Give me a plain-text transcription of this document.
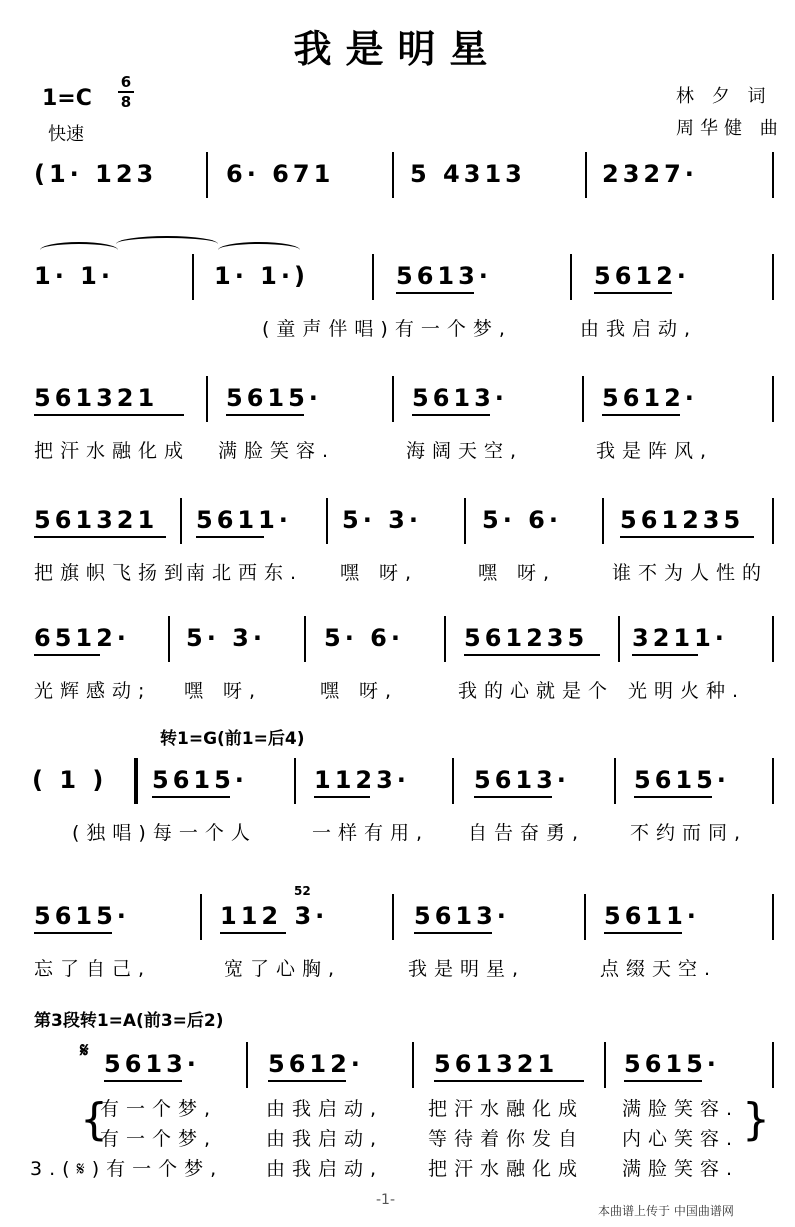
我是明星
1=C
6
8
快速
林 夕 词
周华健 曲
(1· 123	6· 671	5 4313	2327·
1· 1·	1· 1·)	5613·	5612·
(童声伴唱)有一个梦,	由我启动,
561321	5615·	5613·	5612·
把汗水融化成 满脸笑容.	海阔天空,	我是阵风,
561321 5611· 5· 3·	5· 6· 561235
把旗帜飞扬到
南北西东. 嘿 呀,	嘿 呀,	谁不为人性的
6512· 5· 3· 5· 6·	561235 3211·
光辉感动; 嘿 呀,	嘿 呀,	我的心就是个 光明火种.
转1=G(前1=后4)
( 1 ) 5615·	1123·	5613·	5615·
(独唱)每一个人	一样有用, 自告奋勇, 不约而同,
52
5615·	112 3·	5613·	5611·
忘了自己,	宽了心胸,	我是明星,	点缀天空.
第3段转1=A(前3=后2)
𝄋 5613·	5612·	561321	5615·
{	}
有一个梦,	由我启动, 把汗水融化成 满脸笑容.
有一个梦,	由我启动, 等待着你发自 内心笑容.
3.(𝄋)有一个梦, 由我启动, 把汗水融化成 满脸笑容.
-1-
本曲谱上传于 中国曲谱网
